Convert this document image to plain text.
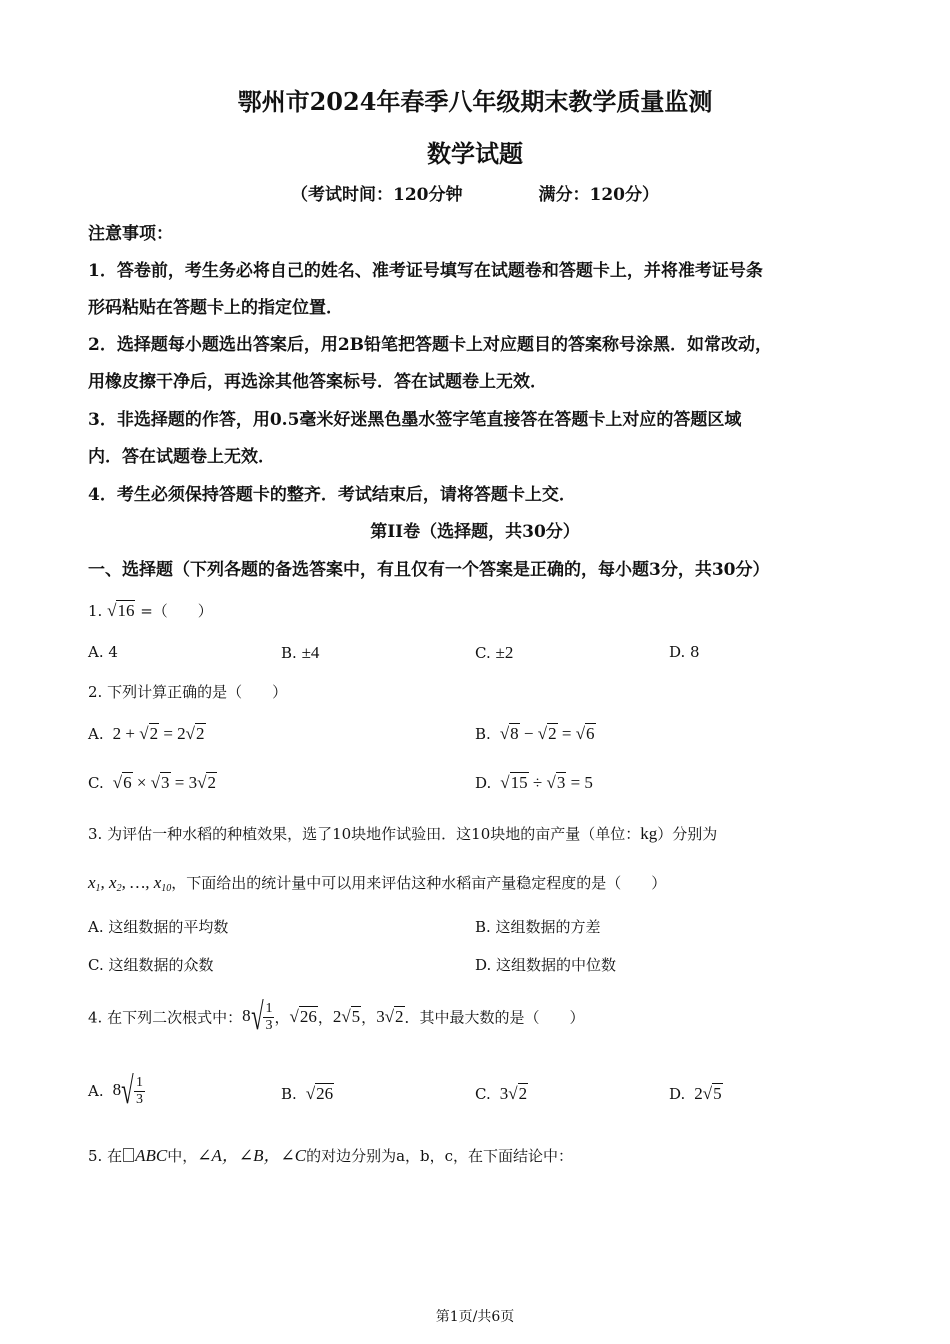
鄂州市2024年春季八年级期末教学质量监测
数学试题
（考试时间：120分钟	满分：120分）
注意事项：
1．答卷前，考生务必将自己的姓名、准考证号填写在试题卷和答题卡上，并将准考证号条
形码粘贴在答题卡上的指定位置．
2．选择题每小题选出答案后，用2B铅笔把答题卡上对应题目的答案称号涂黑．如常改动，
用橡皮擦干净后，再选涂其他答案标号．答在试题卷上无效．
3．非选择题的作答，用0.5毫米好迷黑色墨水签字笔直接答在答题卡上对应的答题区域
内．答在试题卷上无效．
4．考生必须保持答题卡的整齐．考试结束后，请将答题卡上交．
第II卷（选择题，共30分）
一、选择题（下列各题的备选答案中，有且仅有一个答案是正确的，每小题3分，共30分）
1. √16 =（　　）
A. 4	B. ±4	C. ±2	D. 8
2. 下列计算正确的是（　　）
A.  2 + √2 = 2√2	B. √8 − √2 = √6
C. √6 × √3 = 3√2	D. √15 ÷ √3 = 5
3. 为评估一种水稻的种植效果，选了10块地作试验田．这10块地的亩产量（单位：kg）分别为
$x_1$, $x_2$, …, $x_{10}$，下面给出的统计量中可以用来评估这种水稻亩产量稳定程度的是（　　）
A. 这组数据的平均数	B. 这组数据的方差
C. 这组数据的众数	D. 这组数据的中位数
4. 在下列二次根式中：$8√ \frac{1}{3}$ ，√26，2√5，3√2．其中最大数的是（　　）
A.  $8√ \frac{1}{3}$	B. √26	C.  3√2	D.  2√5
5. 在 ABC中，∠A，∠B，∠C的对边分别为a，b，c，在下面结论中：
第1页/共6页
